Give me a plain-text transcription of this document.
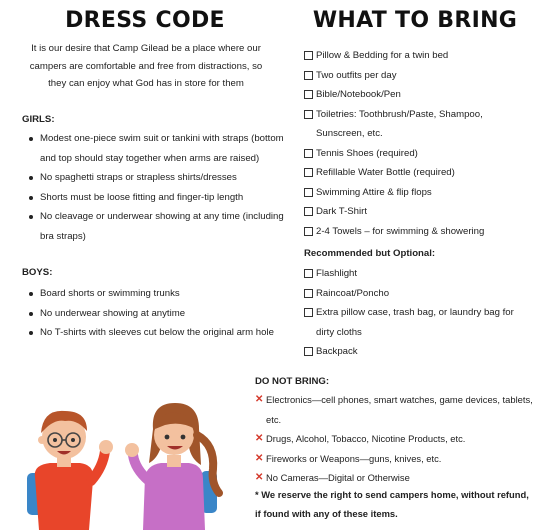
DRESS CODE
It is our desire that Camp Gilead be a place where our campers are comfortable and free from distractions, so they can enjoy what God has in store for them
GIRLS:
Modest one-piece swim suit or tankini with straps (bottom and top should stay together when arms are raised)
No spaghetti straps or strapless shirts/dresses
Shorts must be loose fitting and finger-tip length
No cleavage or underwear showing at any time (including bra straps)
BOYS:
Board shorts or swimming trunks
No underwear showing at anytime
No T-shirts with sleeves cut below the original arm hole
WHAT TO BRING
Pillow & Bedding for a twin bed
Two outfits per day
Bible/Notebook/Pen
Toiletries: Toothbrush/Paste, Shampoo, Sunscreen, etc.
Tennis Shoes (required)
Refillable Water Bottle (required)
Swimming Attire & flip flops
Dark T-Shirt
2-4 Towels – for swimming & showering
Recommended but Optional:
Flashlight
Raincoat/Poncho
Extra pillow case, trash bag, or laundry bag for dirty cloths
Backpack
DO NOT BRING:
✕ Electronics—cell phones, smart watches, game devices, tablets, etc.
✕ Drugs, Alcohol, Tobacco, Nicotine Products, etc.
✕ Fireworks or Weapons—guns, knives, etc.
✕ No Cameras—Digital or Otherwise
* We reserve the right to send campers home, without refund, if found with any of these items.
